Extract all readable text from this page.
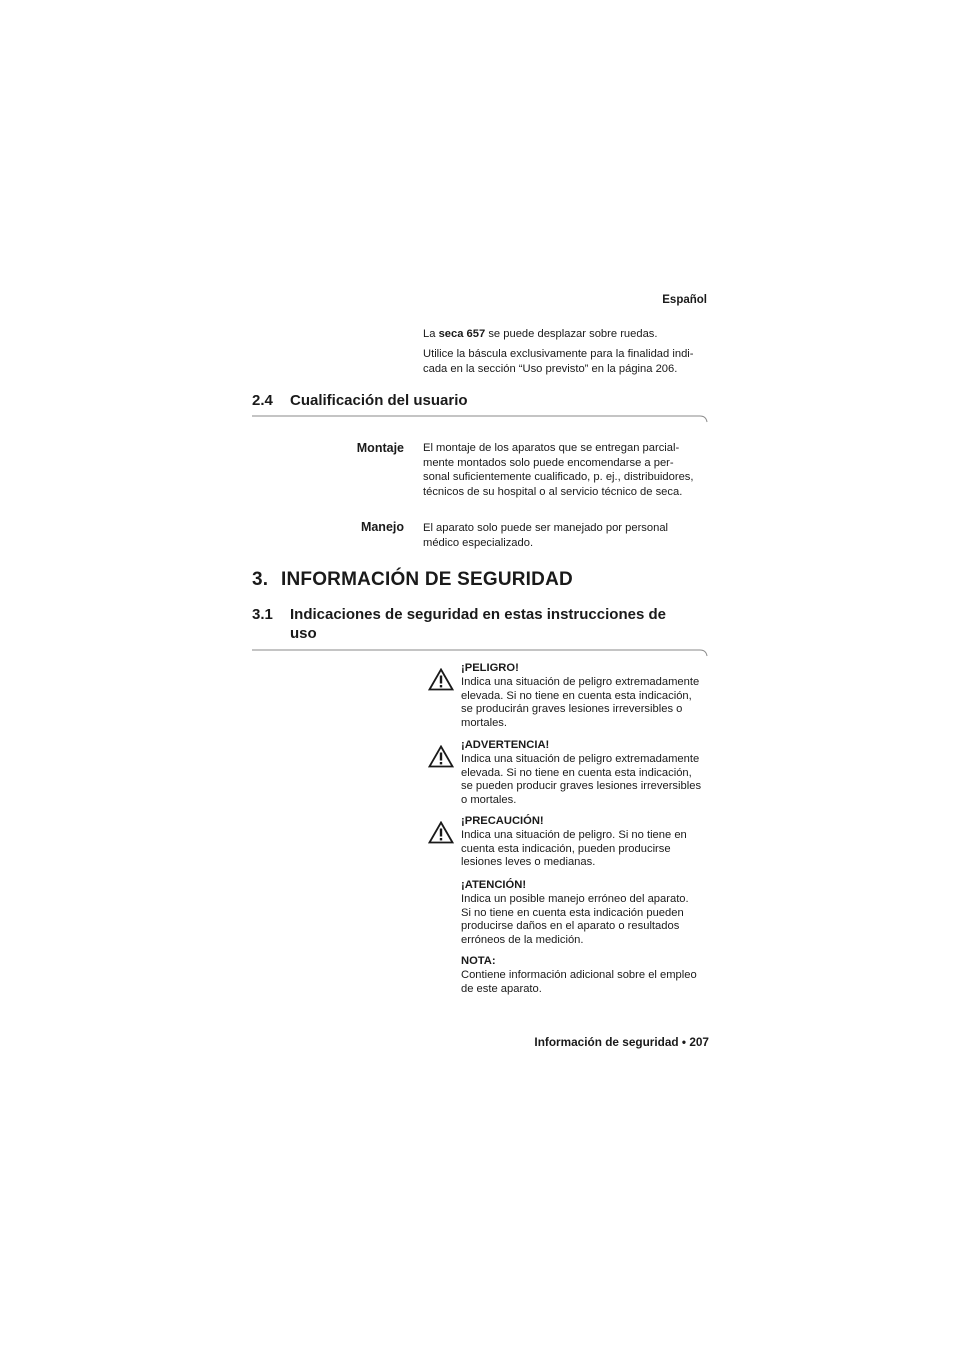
Español
La seca 657 se puede desplazar sobre ruedas.
Utilice la báscula exclusivamente para la finalidad indi-
cada en la sección “Uso previsto” en la página 206.
2.4 Cualificación del usuario
Montaje El montaje de los aparatos que se entregan parcial-
mente montados solo puede encomendarse a per-
sonal suficientemente cualificado, p. ej., distribuidores,
técnicos de su hospital o al servicio técnico de seca.
Manejo El aparato solo puede ser manejado por personal
médico especializado.
3. INFORMACIÓN DE SEGURIDAD
3.1	Indicaciones de seguridad en estas instrucciones de
uso
¡PELIGRO!
Indica una situación de peligro extremadamente
elevada. Si no tiene en cuenta esta indicación,
se producirán graves lesiones irreversibles o
mortales.
¡ADVERTENCIA!
Indica una situación de peligro extremadamente
elevada. Si no tiene en cuenta esta indicación,
se pueden producir graves lesiones irreversibles
o mortales.
¡PRECAUCIÓN!
Indica una situación de peligro. Si no tiene en
cuenta esta indicación, pueden producirse
lesiones leves o medianas.
¡ATENCIÓN!
Indica un posible manejo erróneo del aparato.
Si no tiene en cuenta esta indicación pueden
producirse daños en el aparato o resultados
erróneos de la medición.
NOTA:
Contiene información adicional sobre el empleo
de este aparato.
Información de seguridad • 207
